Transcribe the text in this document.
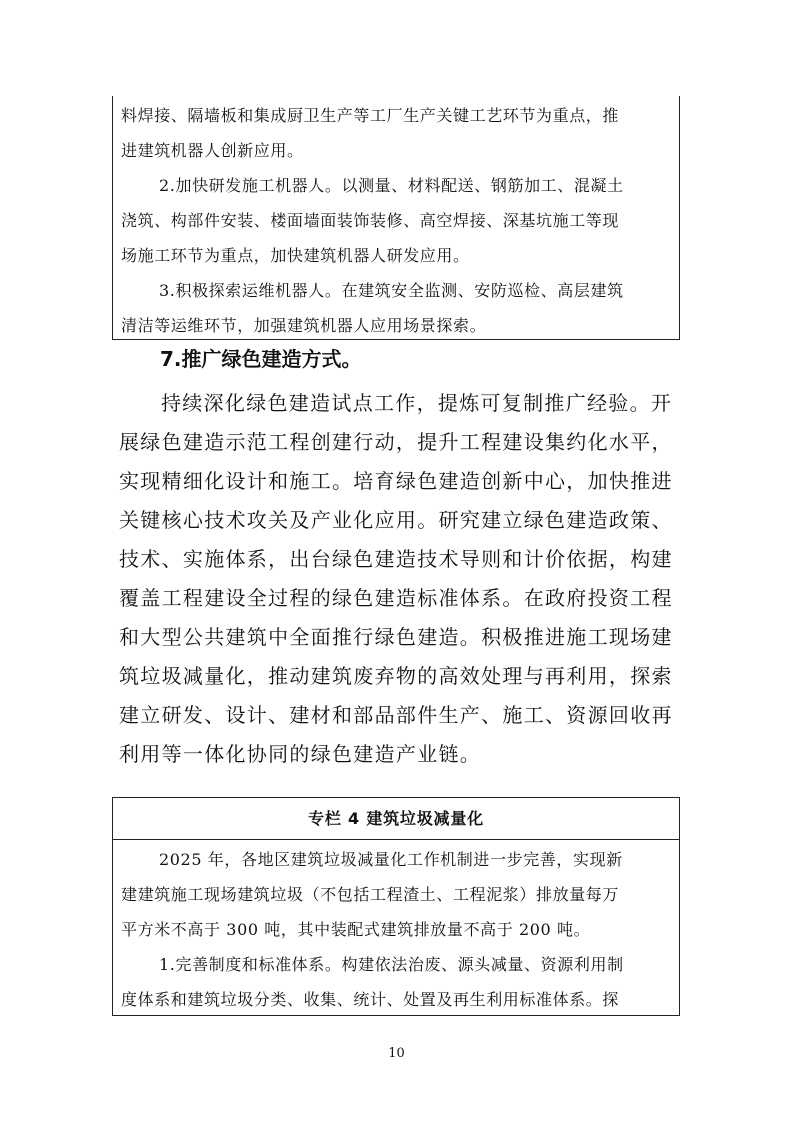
料焊接、隔墙板和集成厨卫生产等工厂生产关键工艺环节为重点，推
进建筑机器人创新应用。
2.加快研发施工机器人。以测量、材料配送、钢筋加工、混凝土
浇筑、构部件安装、楼面墙面装饰装修、高空焊接、深基坑施工等现
场施工环节为重点，加快建筑机器人研发应用。
3.积极探索运维机器人。在建筑安全监测、安防巡检、高层建筑
清洁等运维环节，加强建筑机器人应用场景探索。
7.推广绿色建造方式。
持续深化绿色建造试点工作，提炼可复制推广经验。开
展绿色建造示范工程创建行动，提升工程建设集约化水平，
实现精细化设计和施工。培育绿色建造创新中心，加快推进
关键核心技术攻关及产业化应用。研究建立绿色建造政策、
技术、实施体系，出台绿色建造技术导则和计价依据，构建
覆盖工程建设全过程的绿色建造标准体系。在政府投资工程
和大型公共建筑中全面推行绿色建造。积极推进施工现场建
筑垃圾减量化，推动建筑废弃物的高效处理与再利用，探索
建立研发、设计、建材和部品部件生产、施工、资源回收再
利用等一体化协同的绿色建造产业链。
专栏 4 建筑垃圾减量化
2025 年，各地区建筑垃圾减量化工作机制进一步完善，实现新
建建筑施工现场建筑垃圾（不包括工程渣土、工程泥浆）排放量每万
平方米不高于 300 吨，其中装配式建筑排放量不高于 200 吨。
1.完善制度和标准体系。构建依法治废、源头减量、资源利用制
度体系和建筑垃圾分类、收集、统计、处置及再生利用标准体系。探
10
